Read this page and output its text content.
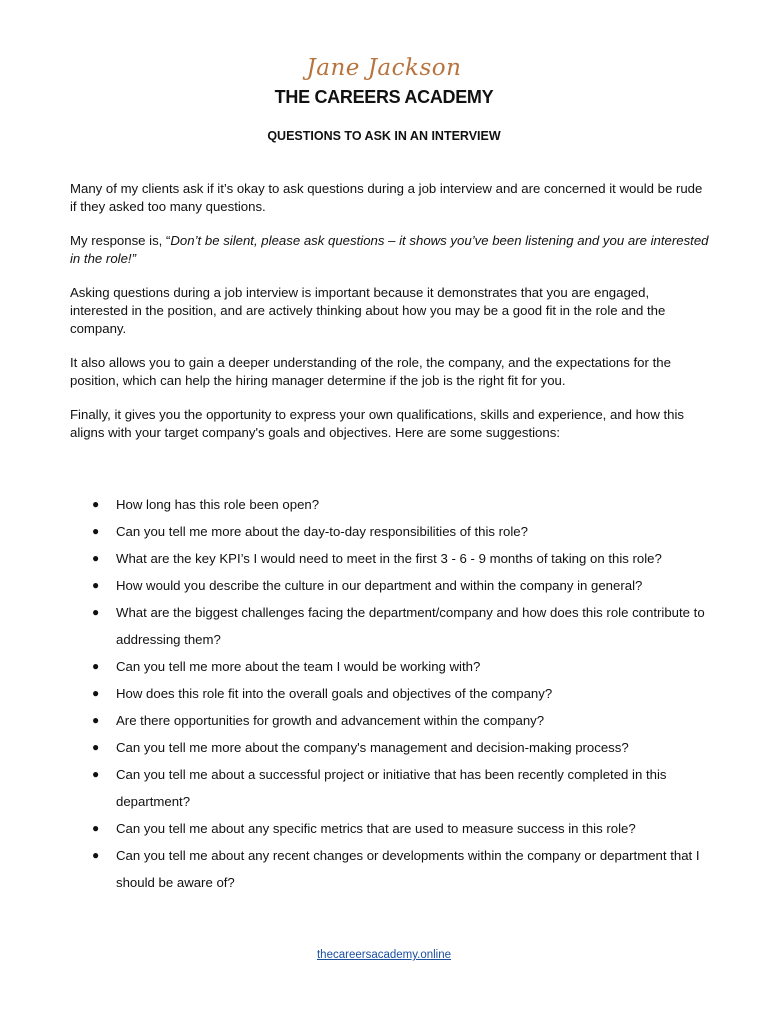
Jane Jackson
THE CAREERS ACADEMY
QUESTIONS TO ASK IN AN INTERVIEW

Many of my clients ask if it’s okay to ask questions during a job interview and are concerned it would be rude if they asked too many questions.

My response is, “Don’t be silent, please ask questions – it shows you’ve been listening and you are interested in the role!”

Asking questions during a job interview is important because it demonstrates that you are engaged, interested in the position, and are actively thinking about how you may be a good fit in the role and the company.

It also allows you to gain a deeper understanding of the role, the company, and the expectations for the position, which can help the hiring manager determine if the job is the right fit for you.

Finally, it gives you the opportunity to express your own qualifications, skills and experience, and how this aligns with your target company's goals and objectives. Here are some suggestions:

● How long has this role been open?
● Can you tell me more about the day-to-day responsibilities of this role?
● What are the key KPI’s I would need to meet in the first 3 - 6 - 9 months of taking on this role?
● How would you describe the culture in our department and within the company in general?
● What are the biggest challenges facing the department/company and how does this role contribute to addressing them?
● Can you tell me more about the team I would be working with?
● How does this role fit into the overall goals and objectives of the company?
● Are there opportunities for growth and advancement within the company?
● Can you tell me more about the company's management and decision-making process?
● Can you tell me about a successful project or initiative that has been recently completed in this department?
● Can you tell me about any specific metrics that are used to measure success in this role?
● Can you tell me about any recent changes or developments within the company or department that I should be aware of?
thecareersacademy.online
